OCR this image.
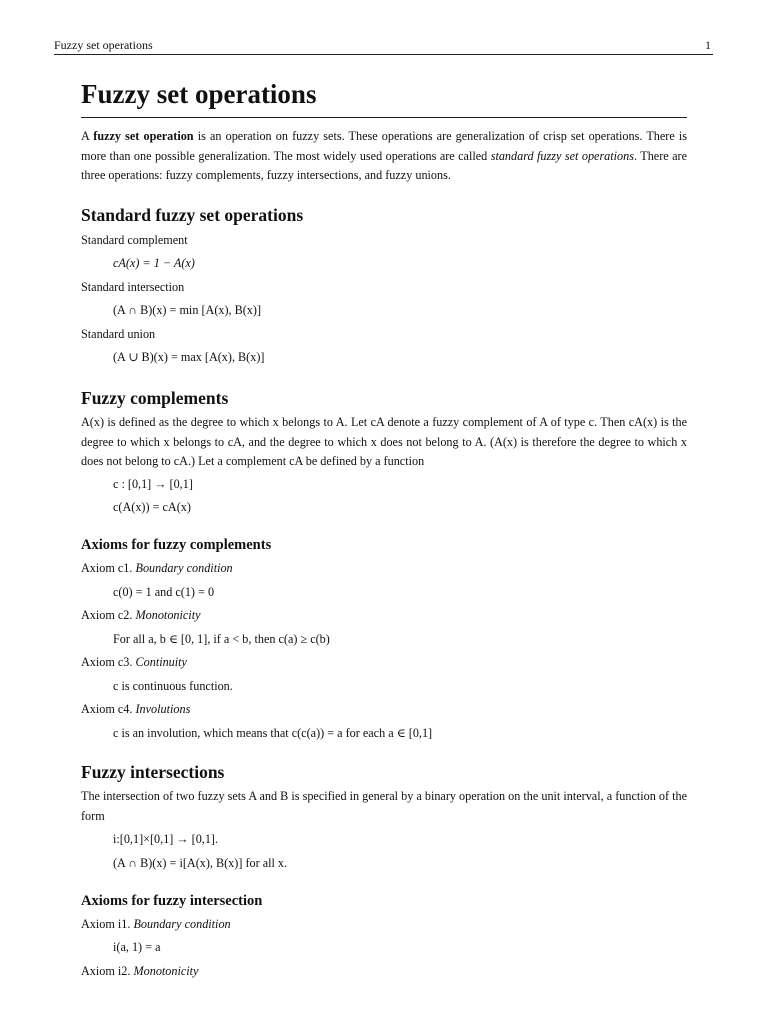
Fuzzy set operations	1
Fuzzy set operations

A fuzzy set operation is an operation on fuzzy sets. These operations are generalization of crisp set operations. There is more than one possible generalization. The most widely used operations are called standard fuzzy set operations. There are three operations: fuzzy complements, fuzzy intersections, and fuzzy unions.

Standard fuzzy set operations
Standard complement
cA(x) = 1 − A(x)
Standard intersection
(A ∩ B)(x) = min [A(x), B(x)]
Standard union
(A ∪ B)(x) = max [A(x), B(x)]
Fuzzy complements

A(x) is defined as the degree to which x belongs to A. Let cA denote a fuzzy complement of A of type c. Then cA(x) is the degree to which x belongs to cA, and the degree to which x does not belong to A. (A(x) is therefore the degree to which x does not belong to cA.) Let a complement cA be defined by a function

c : [0,1] → [0,1]
c(A(x)) = cA(x)
Axioms for fuzzy complements
Axiom c1. Boundary condition
c(0) = 1 and c(1) = 0
Axiom c2. Monotonicity
For all a, b ∈ [0, 1], if a < b, then c(a) ≥ c(b)
Axiom c3. Continuity
c is continuous function.
Axiom c4. Involutions
c is an involution, which means that c(c(a)) = a for each a ∈ [0,1]
Fuzzy intersections

The intersection of two fuzzy sets A and B is specified in general by a binary operation on the unit interval, a function of the form

i:[0,1]×[0,1] → [0,1].
(A ∩ B)(x) = i[A(x), B(x)] for all x.
Axioms for fuzzy intersection
Axiom i1. Boundary condition
i(a, 1) = a
Axiom i2. Monotonicity
